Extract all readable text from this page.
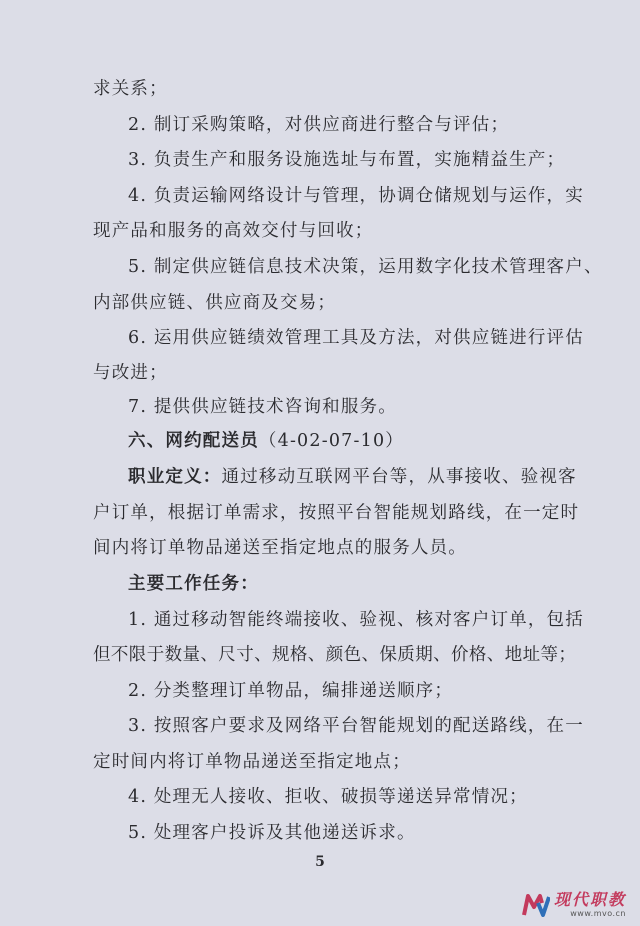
求关系；
2. 制订采购策略，对供应商进行整合与评估；
3. 负责生产和服务设施选址与布置，实施精益生产；
4. 负责运输网络设计与管理，协调仓储规划与运作，实
现产品和服务的高效交付与回收；
5. 制定供应链信息技术决策，运用数字化技术管理客户、
内部供应链、供应商及交易；
6. 运用供应链绩效管理工具及方法，对供应链进行评估
与改进；
7. 提供供应链技术咨询和服务。
六、网约配送员（4-02-07-10）
职业定义：通过移动互联网平台等，从事接收、验视客
户订单，根据订单需求，按照平台智能规划路线，在一定时
间内将订单物品递送至指定地点的服务人员。
主要工作任务：
1. 通过移动智能终端接收、验视、核对客户订单，包括
但不限于数量、尺寸、规格、颜色、保质期、价格、地址等；
2. 分类整理订单物品，编排递送顺序；
3. 按照客户要求及网络平台智能规划的配送路线，在一
定时间内将订单物品递送至指定地点；
4. 处理无人接收、拒收、破损等递送异常情况；
5. 处理客户投诉及其他递送诉求。
5
现代职教
www.mvo.cn
